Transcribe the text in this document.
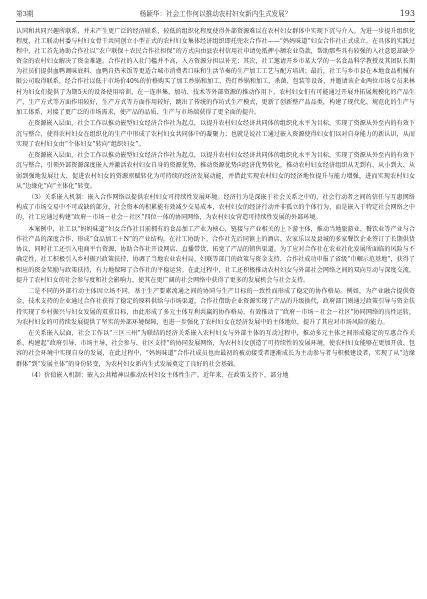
第3期	杨颖华：社会工作何以推动农村妇女新内生式发展？	193

认同和共同兴趣所联系，并未产生更广泛的经济联系，较低的组织化程度使得外部资源难以在农村妇女群体中实现下沉与介入。为进一步提升组织化程度，社工联动村委与村妇女骨干共同创立小型正式的农村妇女集体经济组织即托兜农合作社——“妈妈味道”妇女合作社正式成立。在具体的实践过程中，社工首先协助合作社以“农户联保＋农民合作社担保”的方式向由县农村信用社申请免抵押小额农业贷款，帮助那些具有较强的入社意愿却缺少资金的农村妇女解决了资金难题。合作社的入社门槛并不高，入方资源分担以补充；其次，社工邀请开乡市某大学的一名食品科学教授及其团队长期为社员们提供血鸭调味底料、血鸭自热米饭等更适合城市消费者口味和生活节奏的生产加工工艺与配方培训；最后，社工与乡市县在本地食品机械有限公司取得联系，经合作社以低于市场价40%的价格购买了加工炒锅和加工、热灯炒锅和加工、杀菌、包装等设备，并邀请该企业两位市场专员来林村为妇女们提供了为期5天的设备使用培训，在一连串集、加功、技术等外部资源的推动作用下，农村妇女们有可能通过开展并拓展规模化的产品生产，生产方式等方面作用较好，生产方式等方面作用较好，跳出了传统的作坊式生产模式，更新了创新整产品品类，构建了现代化、规范化的生产与加工体系，对接了更广泛的市场需求，使产品的品质、生产与市场端获得了更全面的提升。

在资源嵌入层面，社会工作以推动嵌型妇女经济合作社为起点，以提升农村妇女经济共同体的组织化水平为目标，实现了资源从外至内的有效下沉与整合，使得农村妇女在组织化的生产中形成了农村妇女共同体中的凝聚力；也就是说社工通过嵌入资源使得妇女们以对自身能力的新认识，从而实现了农村妇女由“个体妇女”转向“组织妇女”。

在资源嵌入层面，社会工作以推动嵌型妇女经济合作社为起点，以提升农村妇女经济共同体的组织化水平为目标，实现了资源从外至内的有效下沉与整合，引领外部资源深度嵌入并激活农村妇女自身的资源优势，推动资源优势向经济优势转化，推动农村妇女经济组织从无到有、从小到大、从弱到强地发展壮大，促进农村妇女的资源禀赋转化为可持续的经济发展动能，并借此实现农村妇女的经济地位提升与能力增强，进而实现农村妇女从“边缘化”向“主体化”转变。

（3）关系嵌入机制：嵌入合作网络以提供农村妇女可持续性发展环境。经济行为是深嵌于社会关系之中的，社会行动者之间的信任与互惠网络构成了市场交易中不可或缺的部分，社会资本的积累能有效减少交易成本，农村妇女的经济行动并非孤立的个体行为，而是嵌入于特定社会网络之中的，社工应通过构建“政府－市场－社会－社区”四位一体的协同网络，为农村妇女营造可持续性发展的外部环境。

本案例中，社工以“妈妈味道”妇女合作社目前拥有的食品加工产业为核心，链接与产业相关的上下游主体，推动当地旅游业、餐饮业等产业与合作社产品的深度合作，形成“食品加工＋N”的产业结构。在社工协助下，合作社先后同镇上的酒店、农家乐以及县城的多家餐饮企业签订了长期供货协议，同时社工还引入电商平台资源，协助合作社开设网店、直播带货，拓宽了产品的销售渠道。为了应对合作社在农业社化发展所面临的风险与不确定性，社工积极引入乡村振兴政策扶持，协调了当地农业农村局、妇联等部门的政策与资金支持，合作社成功申报了省级“巾帼示范基地”，获得了相应的资金奖励与政策扶持，有力地保障了合作社的平稳运营。在此过程中，社工还积极推动农村妇女与外部社会网络之间的双向互动与深度交流，提升了农村妇女的社会参与度和社会影响力，使其在更广阔的社会网络中获得了更多的发展机会与社会支持。

二是不同的外部行动主体因立场不同，基于生产要素流通之间的协同与生产目标的一致性而形成了稳定的协作格局。例如，为产业融合提供资金、技术支持的企业通过合作社获得了稳定的原料供给与市场渠道，合作社借助企业资源实现了产品的升级换代，政府部门则通过政策引导与资金扶持实现了乡村振兴与妇女发展的双重目标，由此形成了多元主体互利共赢的协作格局，有效推动了“政府－市场－社会－社区”协同网络的良性运转，为农村妇女的可持续发展提供了坚实的外部环境保障，也进一步强化了农村妇女在经济发展中的主体地位，提升了其应对市场风险的能力。

在关系嵌入层面，社会工作以“三区三州”为联结的经济关系嵌入农村妇女与外部主体的互动过程中，推动多元主体之间形成稳定的互惠合作关系，构建起“政府引导、市场主导、社会参与、社区支持”的协同发展网络，为农村妇女创造了可持续性的发展环境，使农村妇女能够在更加开放、包容的社会环境中实现自身的发展，在此过程中，“妈妈味道”合作社成员也由最初的被动接受者逐渐成长为主动参与者与积极建设者，实现了从“边缘群体”到“发展主体”的身份转变，为农村妇女新内生式发展奠定了良好的社会基础。

（4）价值嵌入机制：嵌入公共精神以推动农村妇女主体性生产。近年来，在政策支持下，部分地
